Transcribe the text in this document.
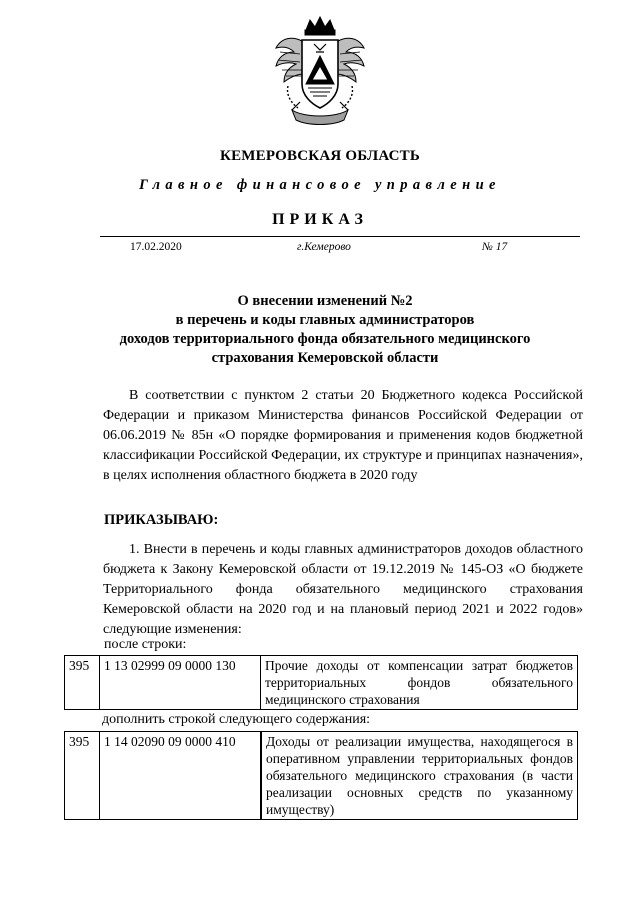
КЕМЕРОВСКАЯ ОБЛАСТЬ
Главное финансовое управление
ПРИКАЗ
17.02.2020	г.Кемерово	№ 17
О внесении изменений №2
в перечень и коды главных администраторов
доходов территориального фонда обязательного медицинского
страхования Кемеровской области
В соответствии с пунктом 2 статьи 20 Бюджетного кодекса Российской Федерации и приказом Министерства финансов Российской Федерации от 06.06.2019 № 85н «О порядке формирования и применения кодов бюджетной классификации Российской Федерации, их структуре и принципах назначения», в целях исполнения областного бюджета в 2020 году
ПРИКАЗЫВАЮ:
1. Внести в перечень и коды главных администраторов доходов областного бюджета к Закону Кемеровской области от 19.12.2019 № 145-ОЗ «О бюджете Территориального фонда обязательного медицинского страхования Кемеровской области на 2020 год и на плановый период 2021 и 2022 годов» следующие изменения:
после строки:
395	1 13 02999 09 0000 130	Прочие доходы от компенсации затрат бюджетов территориальных фондов обязательного медицинского страхования
дополнить строкой следующего содержания:
395	1 14 02090 09 0000 410	Доходы от реализации имущества, находящегося в оперативном управлении территориальных фондов обязательного медицинского страхования (в части реализации основных средств по указанному имуществу)
